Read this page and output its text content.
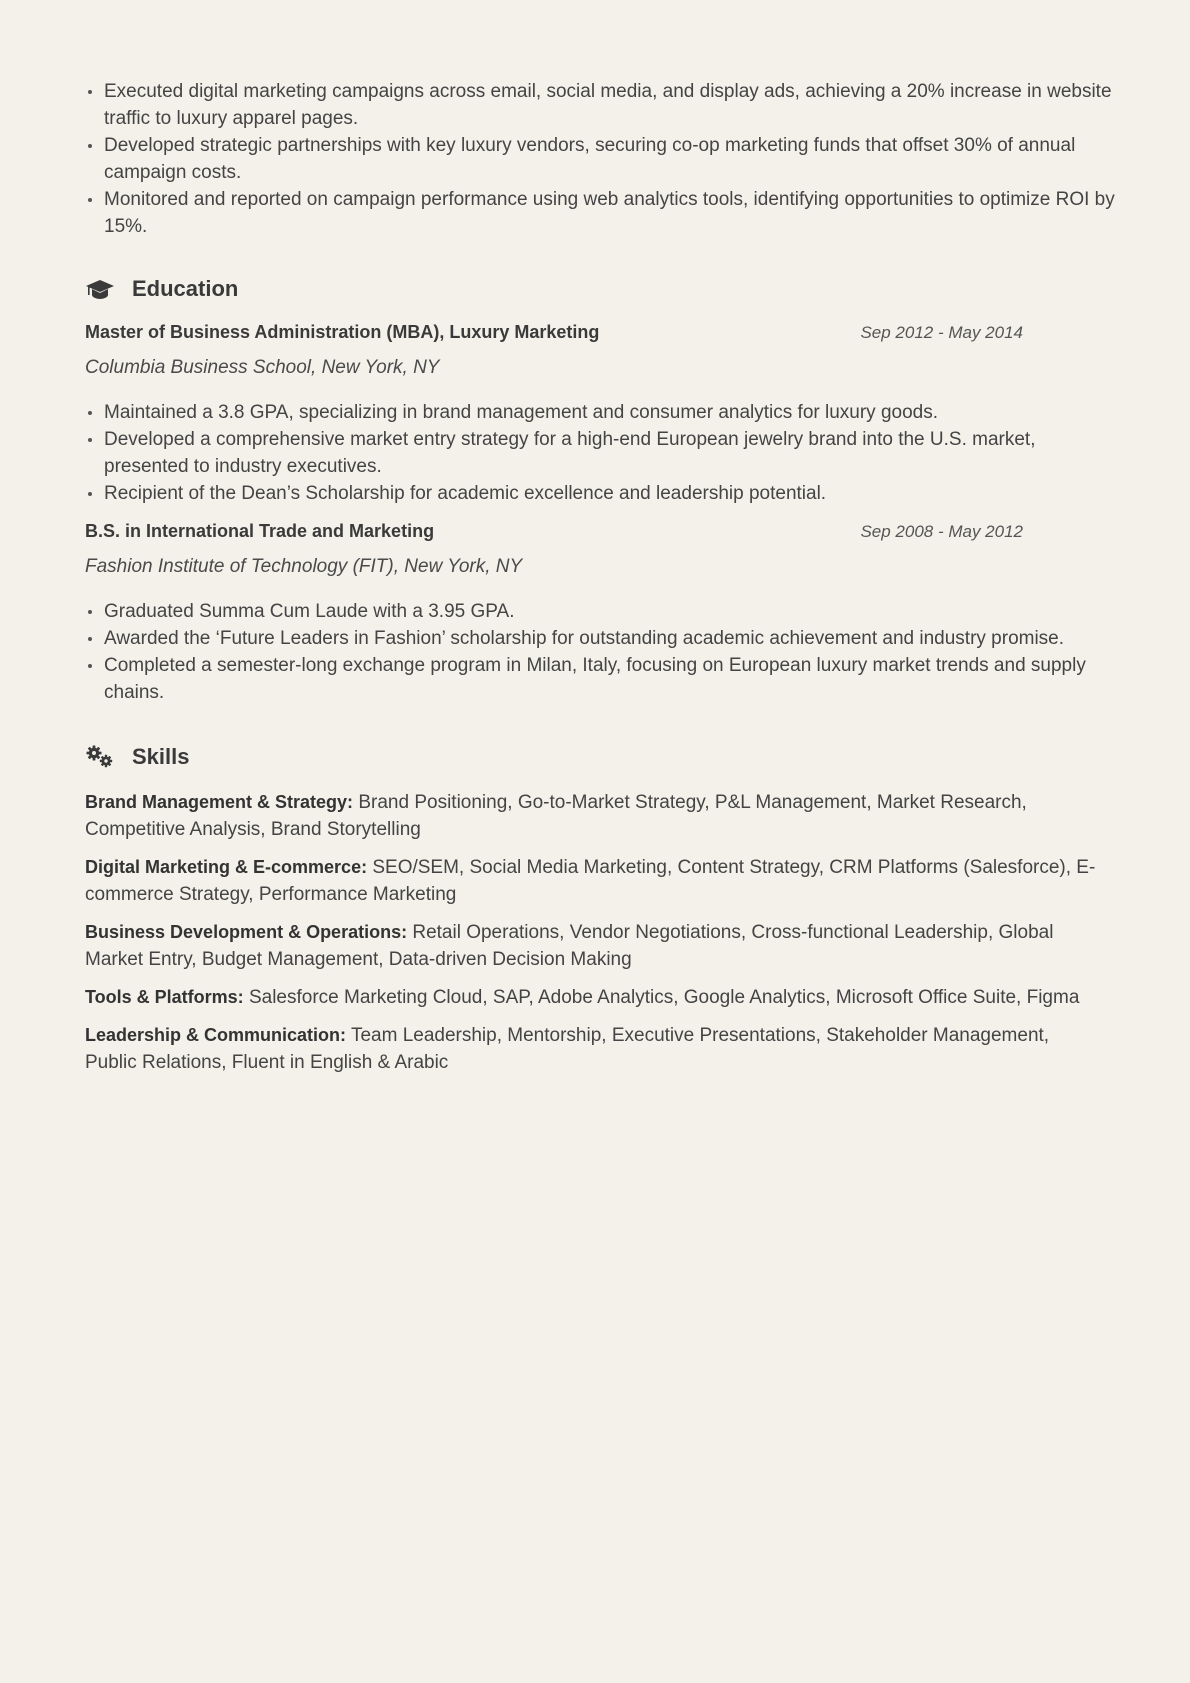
Executed digital marketing campaigns across email, social media, and display ads, achieving a 20% increase in website traffic to luxury apparel pages.
Developed strategic partnerships with key luxury vendors, securing co-op marketing funds that offset 30% of annual campaign costs.
Monitored and reported on campaign performance using web analytics tools, identifying opportunities to optimize ROI by 15%.
Education
Master of Business Administration (MBA), Luxury Marketing	Sep 2012 - May 2014
Columbia Business School, New York, NY
Maintained a 3.8 GPA, specializing in brand management and consumer analytics for luxury goods.
Developed a comprehensive market entry strategy for a high-end European jewelry brand into the U.S. market, presented to industry executives.
Recipient of the Dean’s Scholarship for academic excellence and leadership potential.
B.S. in International Trade and Marketing	Sep 2008 - May 2012
Fashion Institute of Technology (FIT), New York, NY
Graduated Summa Cum Laude with a 3.95 GPA.
Awarded the ‘Future Leaders in Fashion’ scholarship for outstanding academic achievement and industry promise.
Completed a semester-long exchange program in Milan, Italy, focusing on European luxury market trends and supply chains.
Skills
Brand Management & Strategy: Brand Positioning, Go-to-Market Strategy, P&L Management, Market Research, Competitive Analysis, Brand Storytelling
Digital Marketing & E-commerce: SEO/SEM, Social Media Marketing, Content Strategy, CRM Platforms (Salesforce), E-commerce Strategy, Performance Marketing
Business Development & Operations: Retail Operations, Vendor Negotiations, Cross-functional Leadership, Global Market Entry, Budget Management, Data-driven Decision Making
Tools & Platforms: Salesforce Marketing Cloud, SAP, Adobe Analytics, Google Analytics, Microsoft Office Suite, Figma
Leadership & Communication: Team Leadership, Mentorship, Executive Presentations, Stakeholder Management, Public Relations, Fluent in English & Arabic
